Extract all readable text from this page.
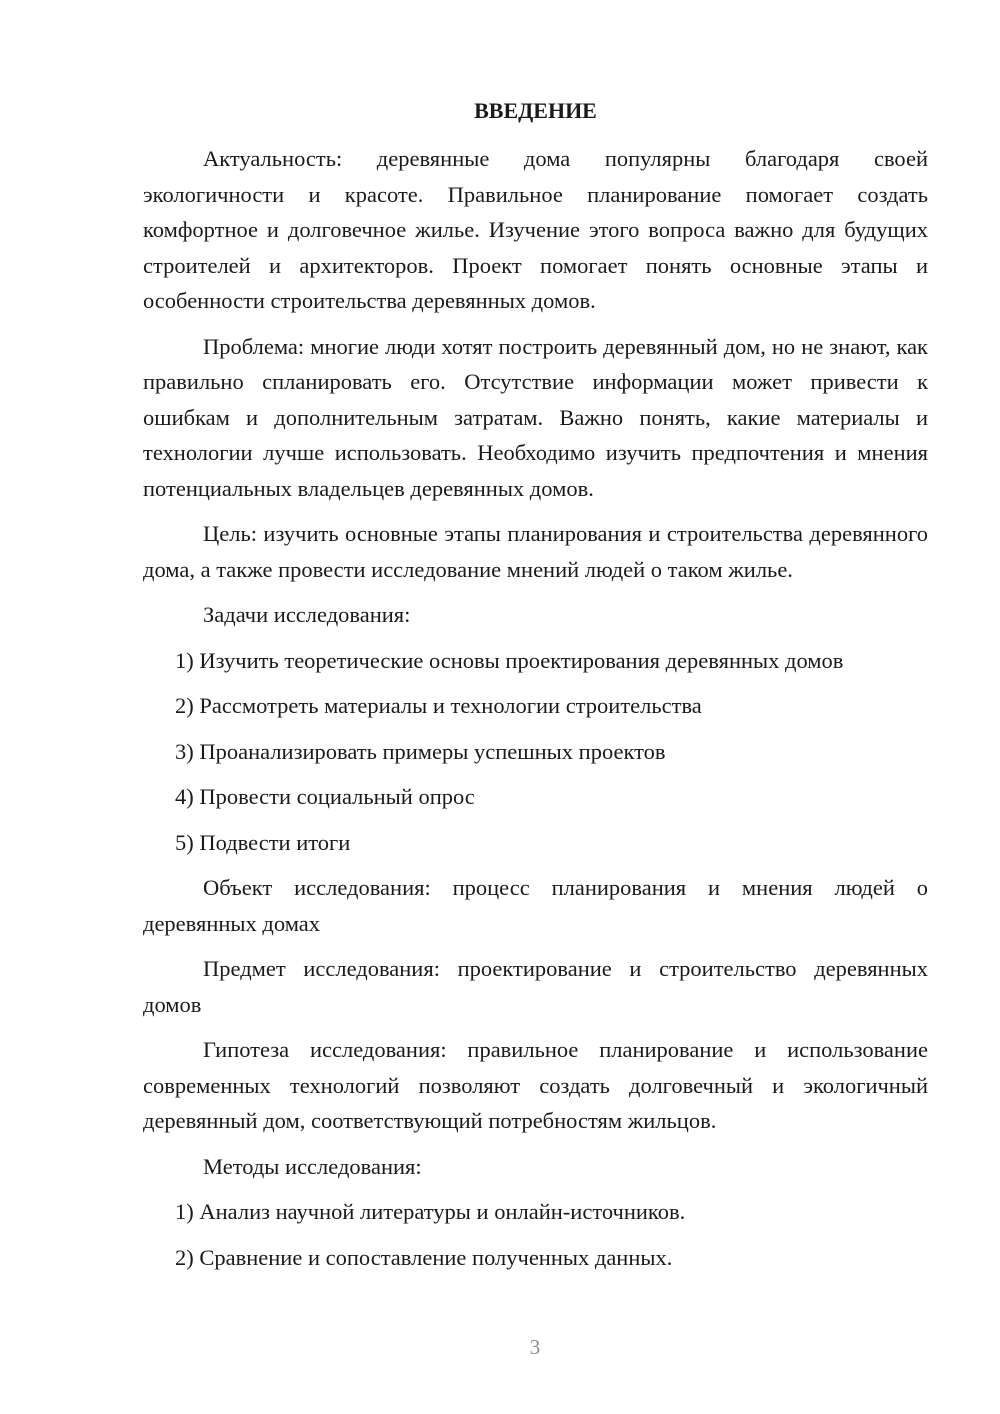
ВВЕДЕНИЕ

Актуальность: деревянные дома популярны благодаря своей экологичности и красоте. Правильное планирование помогает создать комфортное и долговечное жилье. Изучение этого вопроса важно для будущих строителей и архитекторов. Проект помогает понять основные этапы и особенности строительства деревянных домов.

Проблема: многие люди хотят построить деревянный дом, но не знают, как правильно спланировать его. Отсутствие информации может привести к ошибкам и дополнительным затратам. Важно понять, какие материалы и технологии лучше использовать. Необходимо изучить предпочтения и мнения потенциальных владельцев деревянных домов.

Цель: изучить основные этапы планирования и строительства деревянного дома, а также провести исследование мнений людей о таком жилье.

Задачи исследования:

1) Изучить теоретические основы проектирования деревянных домов
2) Рассмотреть материалы и технологии строительства
3) Проанализировать примеры успешных проектов
4) Провести социальный опрос
5) Подвести итоги

Объект исследования: процесс планирования и мнения людей о деревянных домах

Предмет исследования: проектирование и строительство деревянных домов

Гипотеза исследования: правильное планирование и использование современных технологий позволяют создать долговечный и экологичный деревянный дом, соответствующий потребностям жильцов.

Методы исследования:

1) Анализ научной литературы и онлайн-источников.
2) Сравнение и сопоставление полученных данных.
3
